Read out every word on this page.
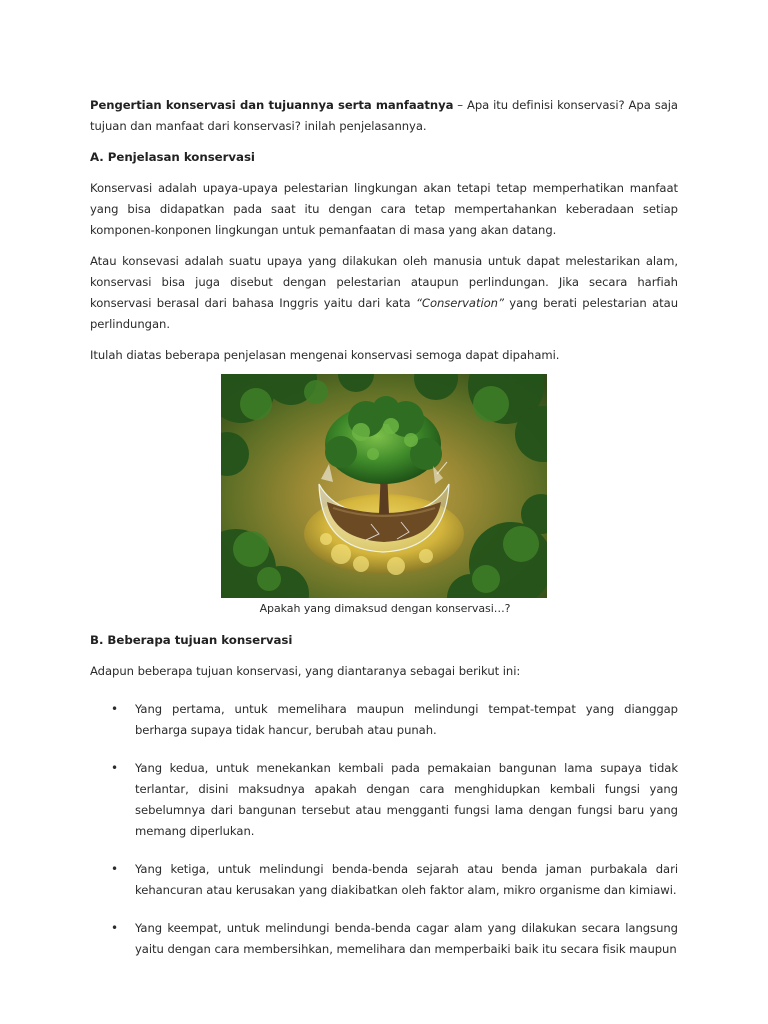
Pengertian konservasi dan tujuannya serta manfaatnya – Apa itu definisi konservasi? Apa saja tujuan dan manfaat dari konservasi? inilah penjelasannya.

A. Penjelasan konservasi

Konservasi adalah upaya-upaya pelestarian lingkungan akan tetapi tetap memperhatikan manfaat yang bisa didapatkan pada saat itu dengan cara tetap mempertahankan keberadaan setiap komponen-konponen lingkungan untuk pemanfaatan di masa yang akan datang.

Atau konsevasi adalah suatu upaya yang dilakukan oleh manusia untuk dapat melestarikan alam, konservasi bisa juga disebut dengan pelestarian ataupun perlindungan. Jika secara harfiah konservasi berasal dari bahasa Inggris yaitu dari kata “Conservation” yang berati pelestarian atau perlindungan.

Itulah diatas beberapa penjelasan mengenai konservasi semoga dapat dipahami.

Apakah yang dimaksud dengan konservasi…?
B. Beberapa tujuan konservasi

Adapun beberapa tujuan konservasi, yang diantaranya sebagai berikut ini:

• Yang pertama, untuk memelihara maupun melindungi tempat-tempat yang dianggap berharga supaya tidak hancur, berubah atau punah.
• Yang kedua, untuk menekankan kembali pada pemakaian bangunan lama supaya tidak terlantar, disini maksudnya apakah dengan cara menghidupkan kembali fungsi yang sebelumnya dari bangunan tersebut atau mengganti fungsi lama dengan fungsi baru yang memang diperlukan.
• Yang ketiga, untuk melindungi benda-benda sejarah atau benda jaman purbakala dari kehancuran atau kerusakan yang diakibatkan oleh faktor alam, mikro organisme dan kimiawi.
• Yang keempat, untuk melindungi benda-benda cagar alam yang dilakukan secara langsung yaitu dengan cara membersihkan, memelihara dan memperbaiki baik itu secara fisik maupun
